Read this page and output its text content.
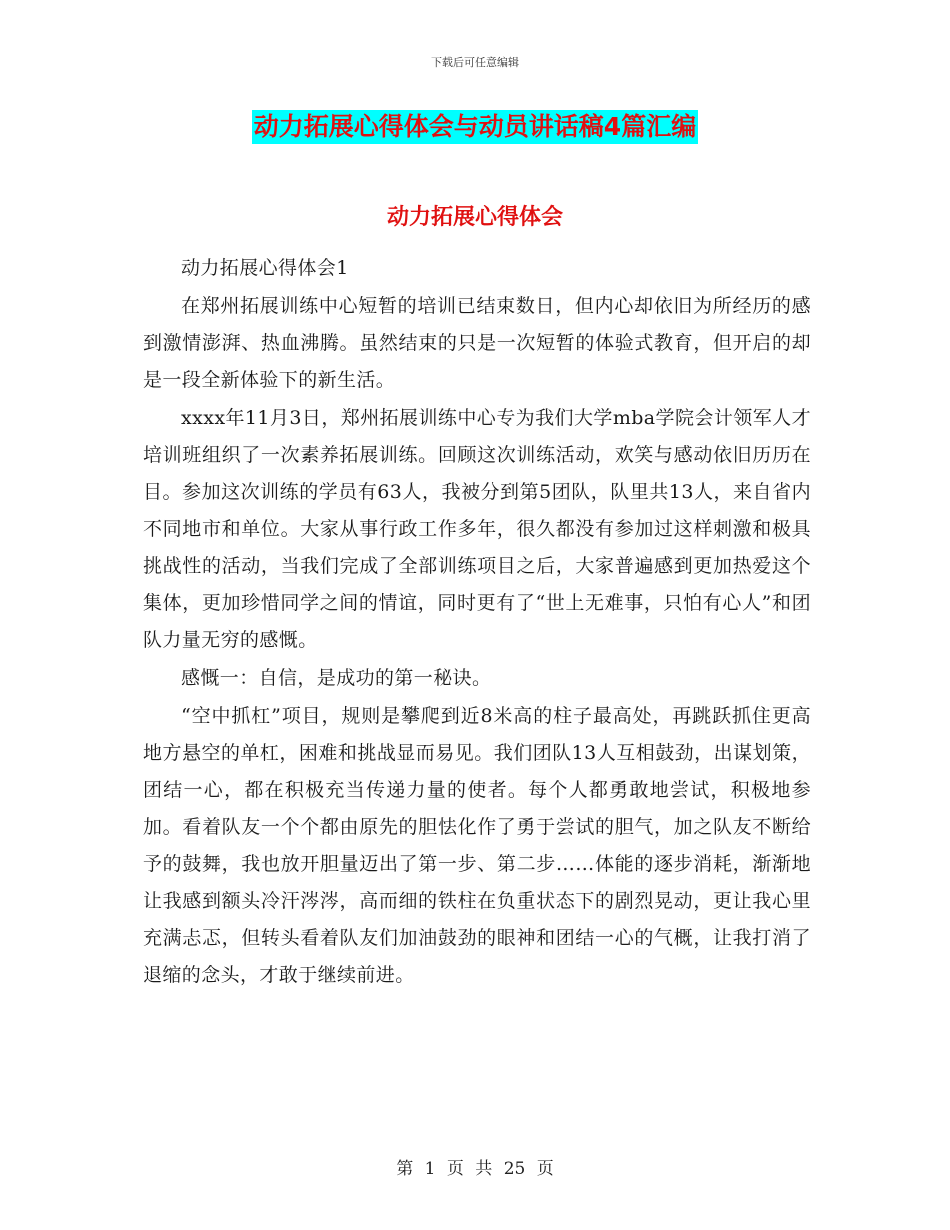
下载后可任意编辑
动力拓展心得体会与动员讲话稿4篇汇编
动力拓展心得体会

动力拓展心得体会1

在郑州拓展训练中心短暂的培训已结束数日，但内心却依旧为所经历的感到激情澎湃、热血沸腾。虽然结束的只是一次短暂的体验式教育，但开启的却是一段全新体验下的新生活。

xxxx年11月3日，郑州拓展训练中心专为我们大学mba学院会计领军人才培训班组织了一次素养拓展训练。回顾这次训练活动，欢笑与感动依旧历历在目。参加这次训练的学员有63人，我被分到第5团队，队里共13人，来自省内不同地市和单位。大家从事行政工作多年，很久都没有参加过这样刺激和极具挑战性的活动，当我们完成了全部训练项目之后，大家普遍感到更加热爱这个集体，更加珍惜同学之间的情谊，同时更有了“世上无难事，只怕有心人”和团队力量无穷的感慨。

感慨一：自信，是成功的第一秘诀。

“空中抓杠”项目，规则是攀爬到近8米高的柱子最高处，再跳跃抓住更高地方悬空的单杠，困难和挑战显而易见。我们团队13人互相鼓劲，出谋划策，团结一心，都在积极充当传递力量的使者。每个人都勇敢地尝试，积极地参加。看着队友一个个都由原先的胆怯化作了勇于尝试的胆气，加之队友不断给予的鼓舞，我也放开胆量迈出了第一步、第二步……体能的逐步消耗，渐渐地让我感到额头冷汗涔涔，高而细的铁柱在负重状态下的剧烈晃动，更让我心里充满忐忑，但转头看着队友们加油鼓劲的眼神和团结一心的气概，让我打消了退缩的念头，才敢于继续前进。

第 1 页 共 25 页
